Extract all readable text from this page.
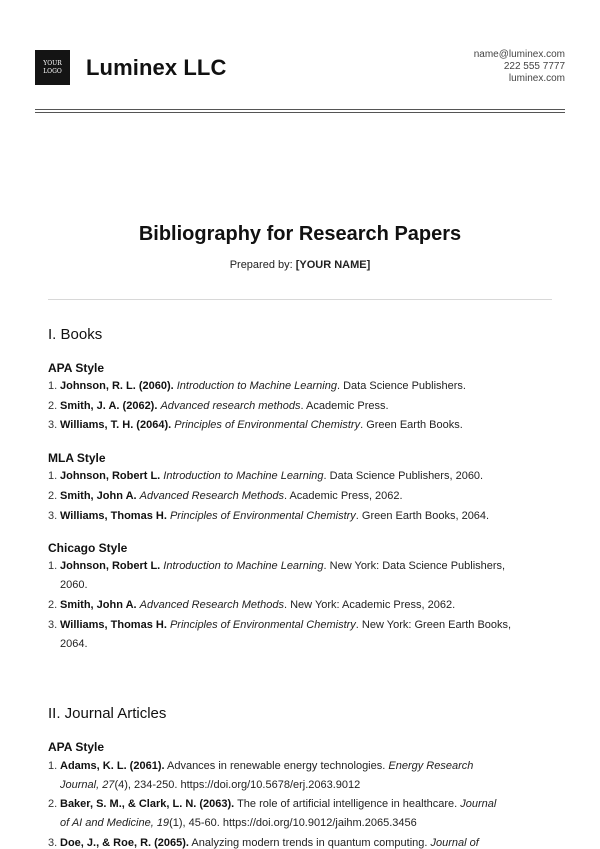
YOUR
LOGO Luminex LLC
name@luminex.com
222 555 7777
luminex.com
Bibliography for Research Papers
Prepared by: [YOUR NAME]
I. Books
APA Style
1. Johnson, R. L. (2060). Introduction to Machine Learning. Data Science Publishers.
2. Smith, J. A. (2062). Advanced research methods. Academic Press.
3. Williams, T. H. (2064). Principles of Environmental Chemistry. Green Earth Books.
MLA Style
1. Johnson, Robert L. Introduction to Machine Learning. Data Science Publishers, 2060.
2. Smith, John A. Advanced Research Methods. Academic Press, 2062.
3. Williams, Thomas H. Principles of Environmental Chemistry. Green Earth Books, 2064.
Chicago Style
1. Johnson, Robert L. Introduction to Machine Learning. New York: Data Science Publishers,
2060.
2. Smith, John A. Advanced Research Methods. New York: Academic Press, 2062.
3. Williams, Thomas H. Principles of Environmental Chemistry. New York: Green Earth Books,
2064.
II. Journal Articles
APA Style
1. Adams, K. L. (2061). Advances in renewable energy technologies. Energy Research
Journal, 27(4), 234-250. https://doi.org/10.5678/erj.2063.9012
2. Baker, S. M., & Clark, L. N. (2063). The role of artificial intelligence in healthcare. Journal
of AI and Medicine, 19(1), 45-60. https://doi.org/10.9012/jaihm.2065.3456
3. Doe, J., & Roe, R. (2065). Analyzing modern trends in quantum computing. Journal of
